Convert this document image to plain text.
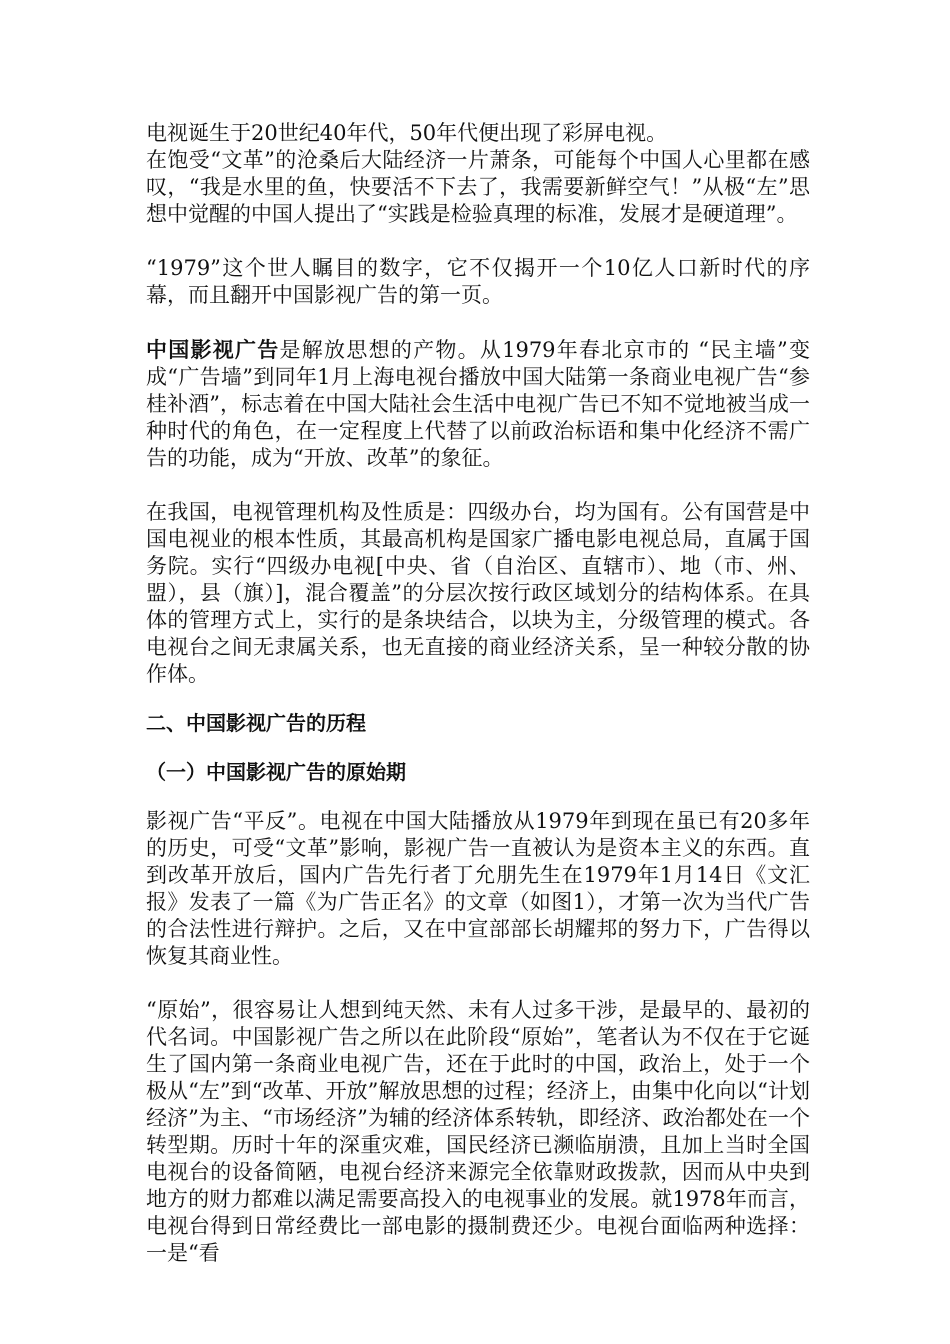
电视诞生于20世纪40年代，50年代便出现了彩屏电视。

在饱受“文革”的沧桑后大陆经济一片萧条，可能每个中国人心里都在感叹，“我是水里的鱼，快要活不下去了，我需要新鲜空气！”从极“左”思想中觉醒的中国人提出了“实践是检验真理的标准，发展才是硬道理”。

“1979”这个世人瞩目的数字，它不仅揭开一个10亿人口新时代的序幕，而且翻开中国影视广告的第一页。

中国影视广告是解放思想的产物。从1979年春北京市的 “民主墙”变成“广告墙”到同年1月上海电视台播放中国大陆第一条商业电视广告“参桂补酒”，标志着在中国大陆社会生活中电视广告已不知不觉地被当成一种时代的角色，在一定程度上代替了以前政治标语和集中化经济不需广告的功能，成为“开放、改革”的象征。

在我国，电视管理机构及性质是：四级办台，均为国有。公有国营是中国电视业的根本性质，其最高机构是国家广播电影电视总局，直属于国务院。实行“四级办电视[中央、省（自治区、直辖市）、地（市、州、盟），县（旗）]，混合覆盖”的分层次按行政区域划分的结构体系。在具体的管理方式上，实行的是条块结合，以块为主，分级管理的模式。各电视台之间无隶属关系，也无直接的商业经济关系，呈一种较分散的协作体。

二、中国影视广告的历程

（一）中国影视广告的原始期

影视广告“平反”。电视在中国大陆播放从1979年到现在虽已有20多年的历史，可受“文革”影响，影视广告一直被认为是资本主义的东西。直到改革开放后，国内广告先行者丁允朋先生在1979年1月14日《文汇报》发表了一篇《为广告正名》的文章（如图1），才第一次为当代广告的合法性进行辩护。之后，又在中宣部部长胡耀邦的努力下，广告得以恢复其商业性。

“原始”，很容易让人想到纯天然、未有人过多干涉，是最早的、最初的代名词。中国影视广告之所以在此阶段“原始”，笔者认为不仅在于它诞生了国内第一条商业电视广告，还在于此时的中国，政治上，处于一个极从“左”到“改革、开放”解放思想的过程；经济上，由集中化向以“计划经济”为主、“市场经济”为辅的经济体系转轨，即经济、政治都处在一个转型期。历时十年的深重灾难，国民经济已濒临崩溃，且加上当时全国电视台的设备简陋，电视台经济来源完全依靠财政拨款，因而从中央到地方的财力都难以满足需要高投入的电视事业的发展。就1978年而言，电视台得到日常经费比一部电影的摄制费还少。电视台面临两种选择：一是“看
